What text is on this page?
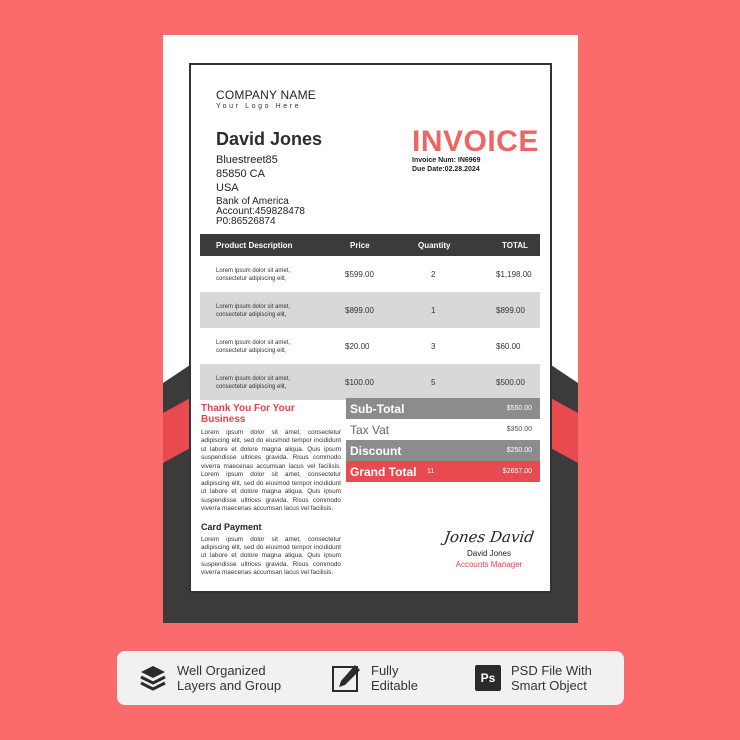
COMPANY NAME
Your Logo Here
David Jones
Bluestreet85
85850 CA
USA
Bank of America
Account:459828478
P0:86526874
INVOICE
Invoice Num: IN6969
Due Date:02.28.2024
Product Description	Price	Quantity	TOTAL
Lorem ipsum dolor sit amet, consectetur adipiscing elit,	$599.00	2	$1,198.00
Lorem ipsum dolor sit amet, consectetur adipiscing elit,	$899.00	1	$899.00
Lorem ipsum dolor sit amet, consectetur adipiscing elit,	$20.00	3	$60.00
Lorem ipsum dolor sit amet, consectetur adipiscing elit,	$100.00	5	$500.00
Thank You For Your Business

Lorem ipsum dolor sit amet, consectetur adipiscing elit, sed do eiusmod tempor incididunt ut labore et dolore magna aliqua. Quis ipsum suspendisse ultrices gravida. Risus commodo viverra maecenas accumsan lacus vel facilisis. Lorem ipsum dolor sit amet, consectetur adipiscing elit, sed do eiusmod tempor incididunt ut labore et dolore magna aliqua. Quis ipsum suspendisse ultrices gravida. Risus commodo viverra maecenas accumsan lacus vel facilisis.

Card Payment

Lorem ipsum dolor sit amet, consectetur adipiscing elit, sed do eiusmod tempor incididunt ut labore et dolore magna aliqua. Quis ipsum suspendisse ultrices gravida. Risus commodo viverra maecenas accumsan lacus vel facilisis.

Sub-Total	$550.00
Tax Vat	$350.00
Discount	$250.00
Grand Total 11	$2657.00
Jones David
David Jones
Accounts Manager
Well Organized
Layers and Group
Fully
Editable	Ps	PSD File With
Smart Object
